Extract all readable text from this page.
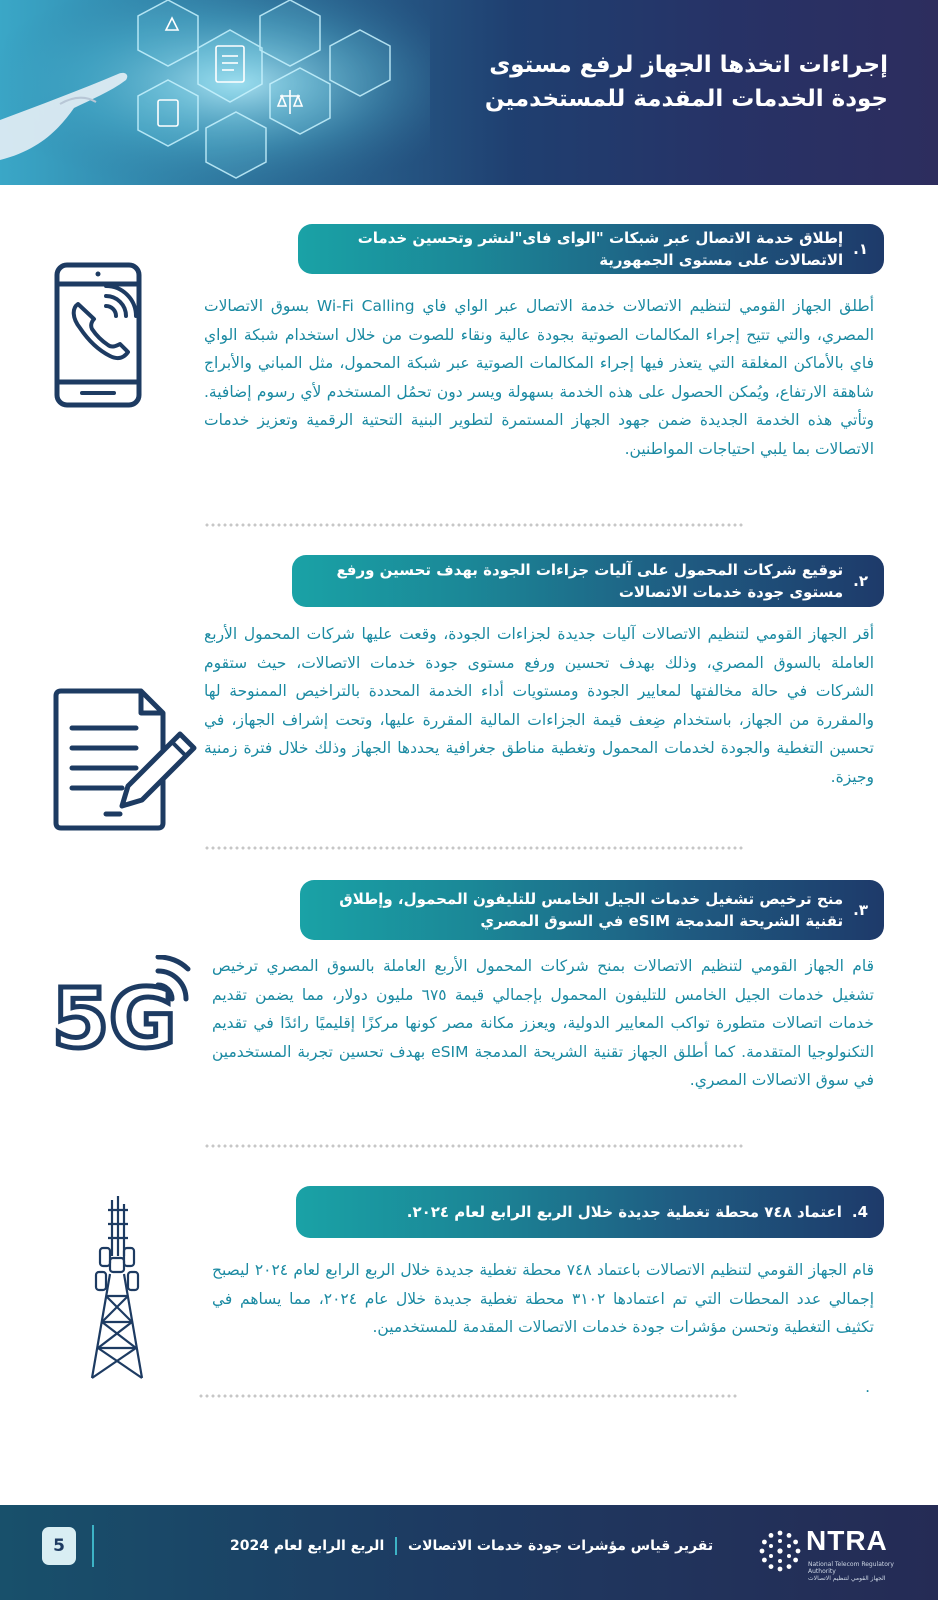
إجراءات اتخذها الجهاز لرفع مستوى جودة الخدمات المقدمة للمستخدمين
١.
إطلاق خدمة الاتصال عبر شبكات "الواى فاى"لنشر وتحسين خدمات الاتصالات على مستوى الجمهورية
أطلق الجهاز القومي لتنظيم الاتصالات خدمة الاتصال عبر الواي فاي Wi-Fi Calling بسوق الاتصالات المصري، والتي تتيح إجراء المكالمات الصوتية بجودة عالية ونقاء للصوت من خلال استخدام شبكة الواي فاي بالأماكن المغلقة التي يتعذر فيها إجراء المكالمات الصوتية عبر شبكة المحمول، مثل المباني والأبراج شاهقة الارتفاع، ويُمكن الحصول على هذه الخدمة بسهولة ويسر دون تحمُل المستخدم لأي رسوم إضافية. وتأتي هذه الخدمة الجديدة ضمن جهود الجهاز المستمرة لتطوير البنية التحتية الرقمية وتعزيز خدمات الاتصالات بما يلبي احتياجات المواطنين.
٢.
توقيع شركات المحمول على آليات جزاءات الجودة بهدف تحسين ورفع مستوى جودة خدمات الاتصالات
أقر الجهاز القومي لتنظيم الاتصالات آليات جديدة لجزاءات الجودة، وقعت عليها شركات المحمول الأربع العاملة بالسوق المصري، وذلك بهدف تحسين ورفع مستوى جودة خدمات الاتصالات، حيث ستقوم الشركات في حالة مخالفتها لمعايير الجودة ومستويات أداء الخدمة المحددة بالتراخيص الممنوحة لها والمقررة من الجهاز، باستخدام ضِعف قيمة الجزاءات المالية المقررة عليها، وتحت إشراف الجهاز، في تحسين التغطية والجودة لخدمات المحمول وتغطية مناطق جغرافية يحددها الجهاز وذلك خلال فترة زمنية وجيزة.
٣.
منح ترخيص تشغيل خدمات الجيل الخامس للتليفون المحمول، وإطلاق تقنية الشريحة المدمجة eSIM في السوق المصري
5G
قام الجهاز القومي لتنظيم الاتصالات بمنح شركات المحمول الأربع العاملة بالسوق المصري ترخيص تشغيل خدمات الجيل الخامس للتليفون المحمول بإجمالي قيمة ٦٧٥ مليون دولار، مما يضمن تقديم خدمات اتصالات متطورة تواكب المعايير الدولية، ويعزز مكانة مصر كونها مركزًا إقليميًا رائدًا في تقديم التكنولوجيا المتقدمة. كما أطلق الجهاز تقنية الشريحة المدمجة eSIM بهدف تحسين تجربة المستخدمين في سوق الاتصالات المصري.
4.
اعتماد ٧٤٨ محطة تغطية جديدة خلال الربع الرابع لعام ٢٠٢٤.
قام الجهاز القومي لتنظيم الاتصالات باعتماد ٧٤٨ محطة تغطية جديدة خلال الربع الرابع لعام ٢٠٢٤ ليصبح إجمالي عدد المحطات التي تم اعتمادها ٣١٠٢ محطة تغطية جديدة خلال عام ٢٠٢٤، مما يساهم في تكثيف التغطية وتحسن مؤشرات جودة خدمات الاتصالات المقدمة للمستخدمين.
.
5	تقرير قياس مؤشرات جودة خدمات الاتصالات  الربع الرابع لعام 2024	NTRA
National Telecom Regulatory Authority
الجهاز القومي لتنظيم الاتصالات
